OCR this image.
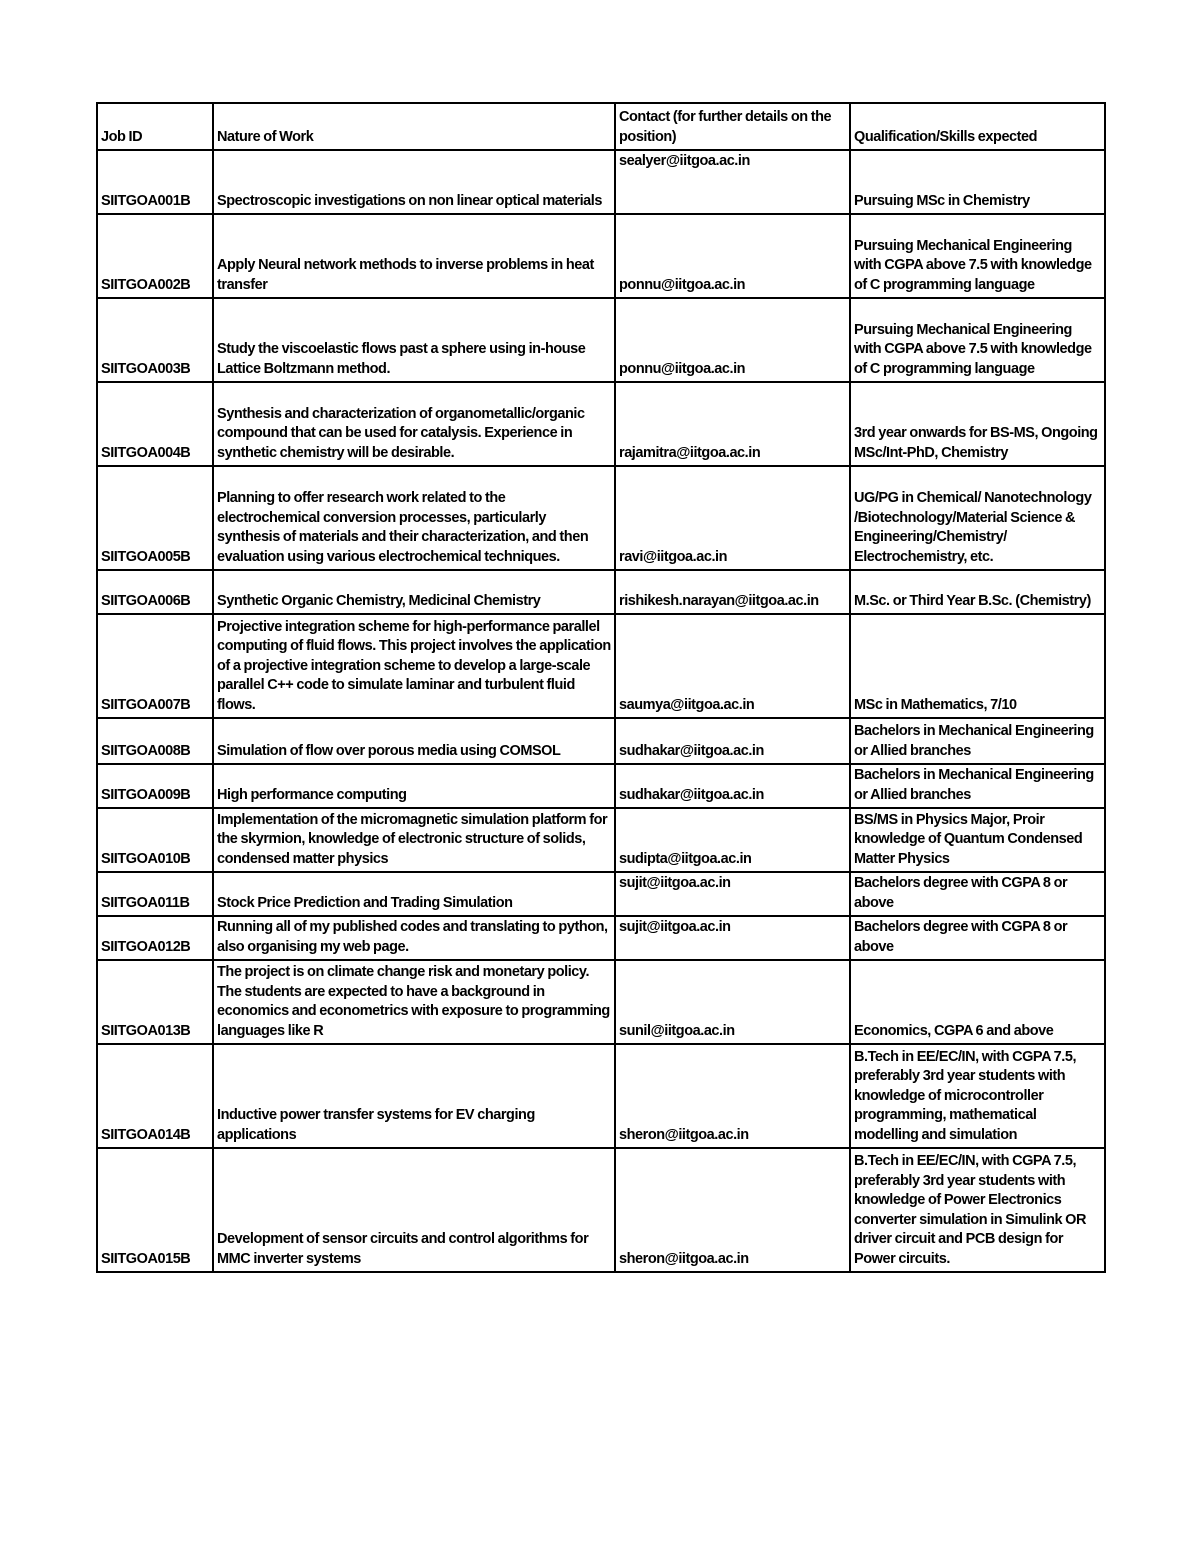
Job ID	Nature of Work	Contact (for further details on the position)	Qualification/Skills expected
SIITGOA001B	Spectroscopic investigations on non linear optical materials	sealyer@iitgoa.ac.in	Pursuing MSc in Chemistry
SIITGOA002B	Apply Neural network methods to inverse problems in heat transfer	ponnu@iitgoa.ac.in	Pursuing Mechanical Engineering with CGPA above 7.5 with knowledge of C programming language
SIITGOA003B	Study the viscoelastic flows past a sphere using in-house Lattice Boltzmann method.	ponnu@iitgoa.ac.in	Pursuing Mechanical Engineering with CGPA above 7.5 with knowledge of C programming language
SIITGOA004B	Synthesis and characterization of organometallic/organic compound that can be used for catalysis. Experience in synthetic chemistry will be desirable.	rajamitra@iitgoa.ac.in	3rd year onwards for BS-MS, Ongoing MSc/Int-PhD, Chemistry
SIITGOA005B	Planning to offer research work related to the electrochemical conversion processes, particularly synthesis of materials and their characterization, and then evaluation using various electrochemical techniques.	ravi@iitgoa.ac.in	UG/PG in Chemical/ Nanotechnology /Biotechnology/Material Science & Engineering/Chemistry/ Electrochemistry, etc.
SIITGOA006B	Synthetic Organic Chemistry, Medicinal Chemistry	rishikesh.narayan@iitgoa.ac.in	M.Sc. or Third Year B.Sc. (Chemistry)
SIITGOA007B	Projective integration scheme for high-performance parallel computing of fluid flows. This project involves the application of a projective integration scheme to develop a large-scale parallel C++ code to simulate laminar and turbulent fluid flows.	saumya@iitgoa.ac.in	MSc in Mathematics, 7/10
SIITGOA008B	Simulation of flow over porous media using COMSOL	sudhakar@iitgoa.ac.in	Bachelors in Mechanical Engineering or Allied branches
SIITGOA009B	High performance computing	sudhakar@iitgoa.ac.in	Bachelors in Mechanical Engineering or Allied branches
SIITGOA010B	Implementation of the micromagnetic simulation platform for the skyrmion, knowledge of electronic structure of solids, condensed matter physics	sudipta@iitgoa.ac.in	BS/MS in Physics Major, Proir knowledge of Quantum Condensed Matter Physics
SIITGOA011B	Stock Price Prediction and Trading Simulation	sujit@iitgoa.ac.in	Bachelors degree with CGPA 8 or above
SIITGOA012B	Running all of my published codes and translating to python, also organising my web page.	sujit@iitgoa.ac.in	Bachelors degree with CGPA 8 or above
SIITGOA013B	The project is on climate change risk and monetary policy. The students are expected to have a background in economics and econometrics with exposure to programming languages like R	sunil@iitgoa.ac.in	Economics, CGPA 6 and above
SIITGOA014B	Inductive power transfer systems for EV charging applications	sheron@iitgoa.ac.in	B.Tech in EE/EC/IN, with CGPA 7.5, preferably 3rd year students with knowledge of microcontroller programming, mathematical modelling and simulation
SIITGOA015B	Development of sensor circuits and control algorithms for MMC inverter systems	sheron@iitgoa.ac.in	B.Tech in EE/EC/IN, with CGPA 7.5, preferably 3rd year students with knowledge of Power Electronics converter simulation in Simulink OR driver circuit and PCB design for Power circuits.
